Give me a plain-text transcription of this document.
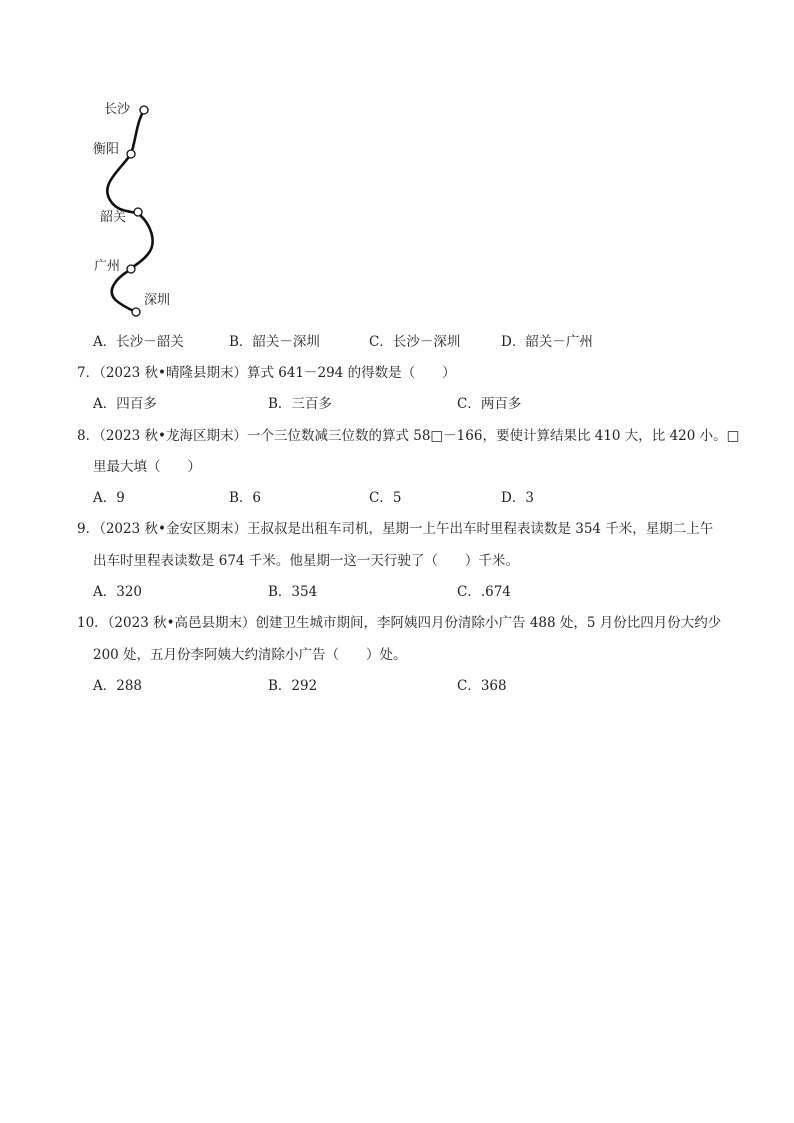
长沙
衡阳
韶关
广州
深圳
A．长沙－韶关	B．韶关－深圳	C．长沙－深圳	D．韶关－广州
7．（2023 秋•晴隆县期末）算式 641－294 的得数是（　　）
A．四百多	B．三百多	C．两百多
8．（2023 秋•龙海区期末）一个三位数减三位数的算式 58□－166，要使计算结果比 410 大，比 420 小。□
里最大填（　　）
A．9	B．6	C．5	D．3
9．（2023 秋•金安区期末）王叔叔是出租车司机，星期一上午出车时里程表读数是 354 千米，星期二上午
出车时里程表读数是 674 千米。他星期一这一天行驶了（　　）千米。
A．320	B．354	C．.674
10．（2023 秋•高邑县期末）创建卫生城市期间，李阿姨四月份清除小广告 488 处，5 月份比四月份大约少
200 处，五月份李阿姨大约清除小广告（　　）处。
A．288	B．292	C．368
